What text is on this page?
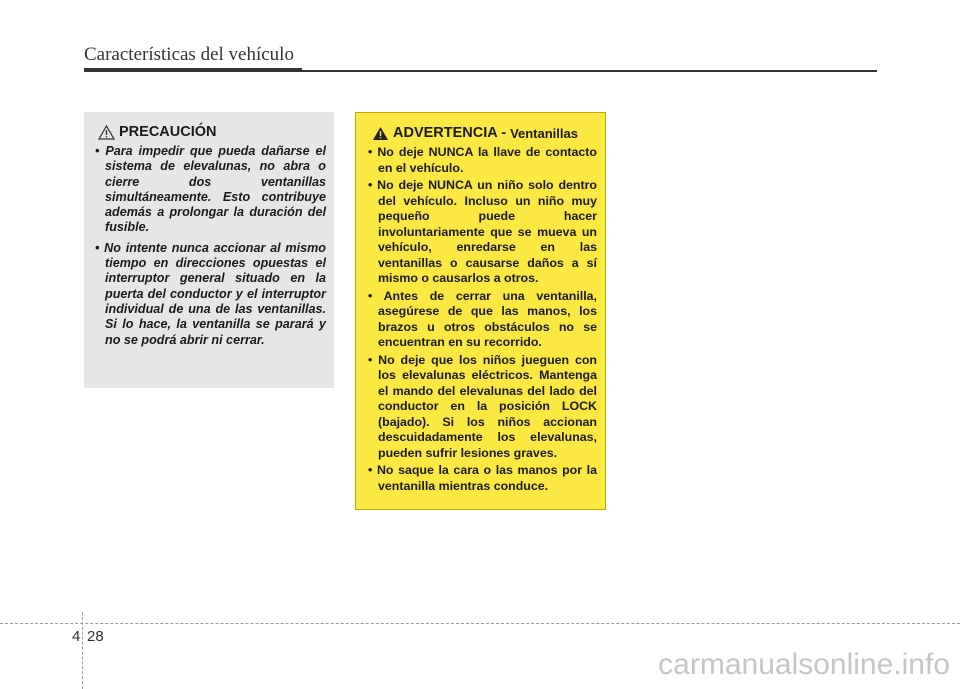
Características del vehículo
PRECAUCIÓN
• Para impedir que pueda dañarse el sistema de elevalunas, no abra o cierre dos ventanillas simultáneamente. Esto contribuye además a prolongar la duración del fusible.
• No intente nunca accionar al mismo tiempo en direcciones opuestas el interruptor general situado en la puerta del conductor y el interruptor individual de una de las ventanillas. Si lo hace, la ventanilla se parará y no se podrá abrir ni cerrar.
ADVERTENCIA - Ventanillas
• No deje NUNCA la llave de contacto en el vehículo.
• No deje NUNCA un niño solo dentro del vehículo. Incluso un niño muy pequeño puede hacer involuntariamente que se mueva un vehículo, enredarse en las ventanillas o causarse daños a sí mismo o causarlos a otros.
• Antes de cerrar una ventanilla, asegúrese de que las manos, los brazos u otros obstáculos no se encuentran en su recorrido.
• No deje que los niños jueguen con los elevalunas eléctricos. Mantenga el mando del elevalunas del lado del conductor en la posición LOCK (bajado). Si los niños accionan descuidadamente los elevalunas, pueden sufrir lesiones graves.
• No saque la cara o las manos por la ventanilla mientras conduce.
4 28
carmanualsonline.info
